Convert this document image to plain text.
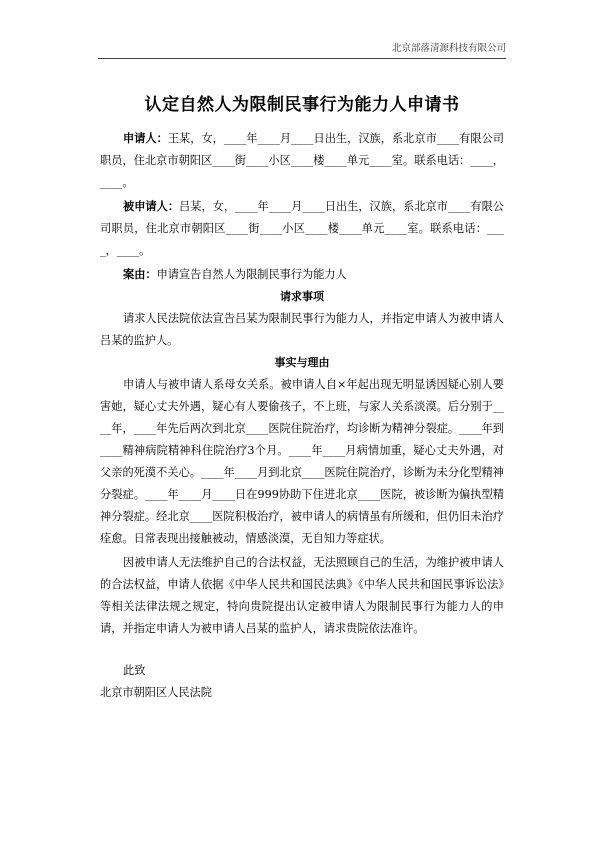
北京部落清源科技有限公司
认定自然人为限制民事行为能力人申请书

申请人：王某，女，____年____月____日出生，汉族，系北京市____有限公司职员，住北京市朝阳区____街____小区____楼____单元____室。联系电话：____，____。

被申请人：吕某，女，____年____月____日出生，汉族，系北京市____有限公司职员，住北京市朝阳区____街____小区____楼____单元____室。联系电话：____，____。

案由：申请宣告自然人为限制民事行为能力人

请求事项

请求人民法院依法宣告吕某为限制民事行为能力人，并指定申请人为被申请人吕某的监护人。

事实与理由

申请人与被申请人系母女关系。被申请人自×年起出现无明显诱因疑心别人要害她，疑心丈夫外遇，疑心有人要偷孩子，不上班，与家人关系淡漠。后分别于____年，____年先后两次到北京____医院住院治疗，均诊断为精神分裂症。____年到____精神病院精神科住院治疗3个月。____年____月病情加重，疑心丈夫外遇，对父亲的死漠不关心。____年____月到北京____医院住院治疗，诊断为未分化型精神分裂症。____年____月____日在999协助下住进北京____医院，被诊断为偏执型精神分裂症。经北京____医院积极治疗，被申请人的病情虽有所缓和，但仍旧未治疗痊愈。日常表现出接触被动，情感淡漠，无自知力等症状。

因被申请人无法维护自己的合法权益，无法照顾自己的生活，为维护被申请人的合法权益，申请人依据《中华人民共和国民法典》《中华人民共和国民事诉讼法》等相关法律法规之规定，特向贵院提出认定被申请人为限制民事行为能力人的申请，并指定申请人为被申请人吕某的监护人，请求贵院依法准许。

此致
北京市朝阳区人民法院
